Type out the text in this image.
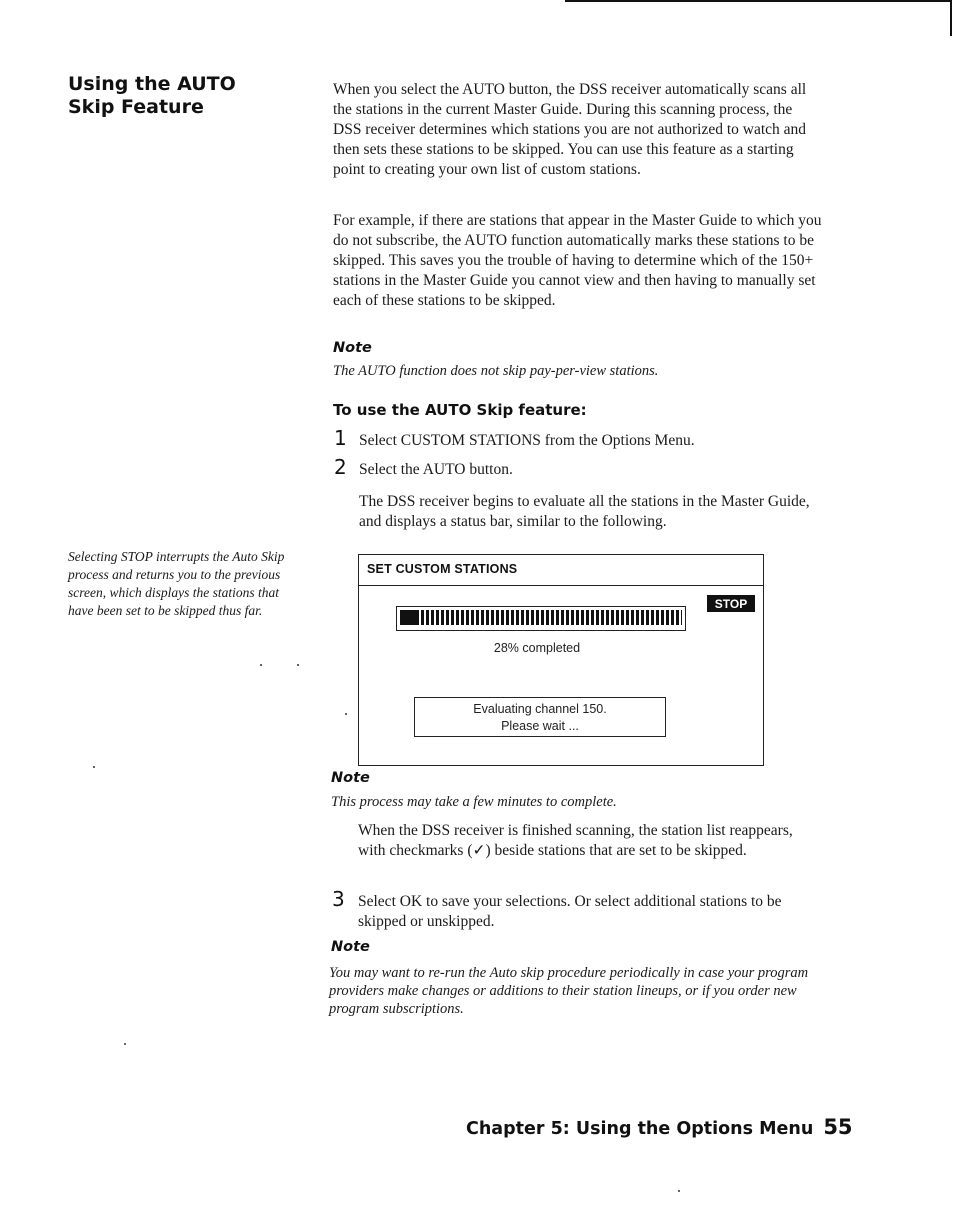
Using the AUTO
Skip Feature
When you select the AUTO button, the DSS receiver automatically scans all the stations in the current Master Guide. During this scanning process, the DSS receiver determines which stations you are not authorized to watch and then sets these stations to be skipped. You can use this feature as a starting point to creating your own list of custom stations.
For example, if there are stations that appear in the Master Guide to which you do not subscribe, the AUTO function automatically marks these stations to be skipped. This saves you the trouble of having to determine which of the 150+ stations in the Master Guide you cannot view and then having to manually set each of these stations to be skipped.
Note
The AUTO function does not skip pay-per-view stations.
To use the AUTO Skip feature:
1 Select CUSTOM STATIONS from the Options Menu.
2 Select the AUTO button.
The DSS receiver begins to evaluate all the stations in the Master Guide, and displays a status bar, similar to the following.
Selecting STOP interrupts the Auto Skip process and returns you to the previous screen, which displays the stations that have been set to be skipped thus far.
SET CUSTOM STATIONS
STOP
28% completed
Evaluating channel 150.
Please wait ...
Note
This process may take a few minutes to complete.
When the DSS receiver is finished scanning, the station list reappears, with checkmarks (✓) beside stations that are set to be skipped.
3 Select OK to save your selections. Or select additional stations to be skipped or unskipped.
Note
You may want to re-run the Auto skip procedure periodically in case your program providers make changes or additions to their station lineups, or if you order new program subscriptions.
Chapter 5: Using the Options Menu 55
